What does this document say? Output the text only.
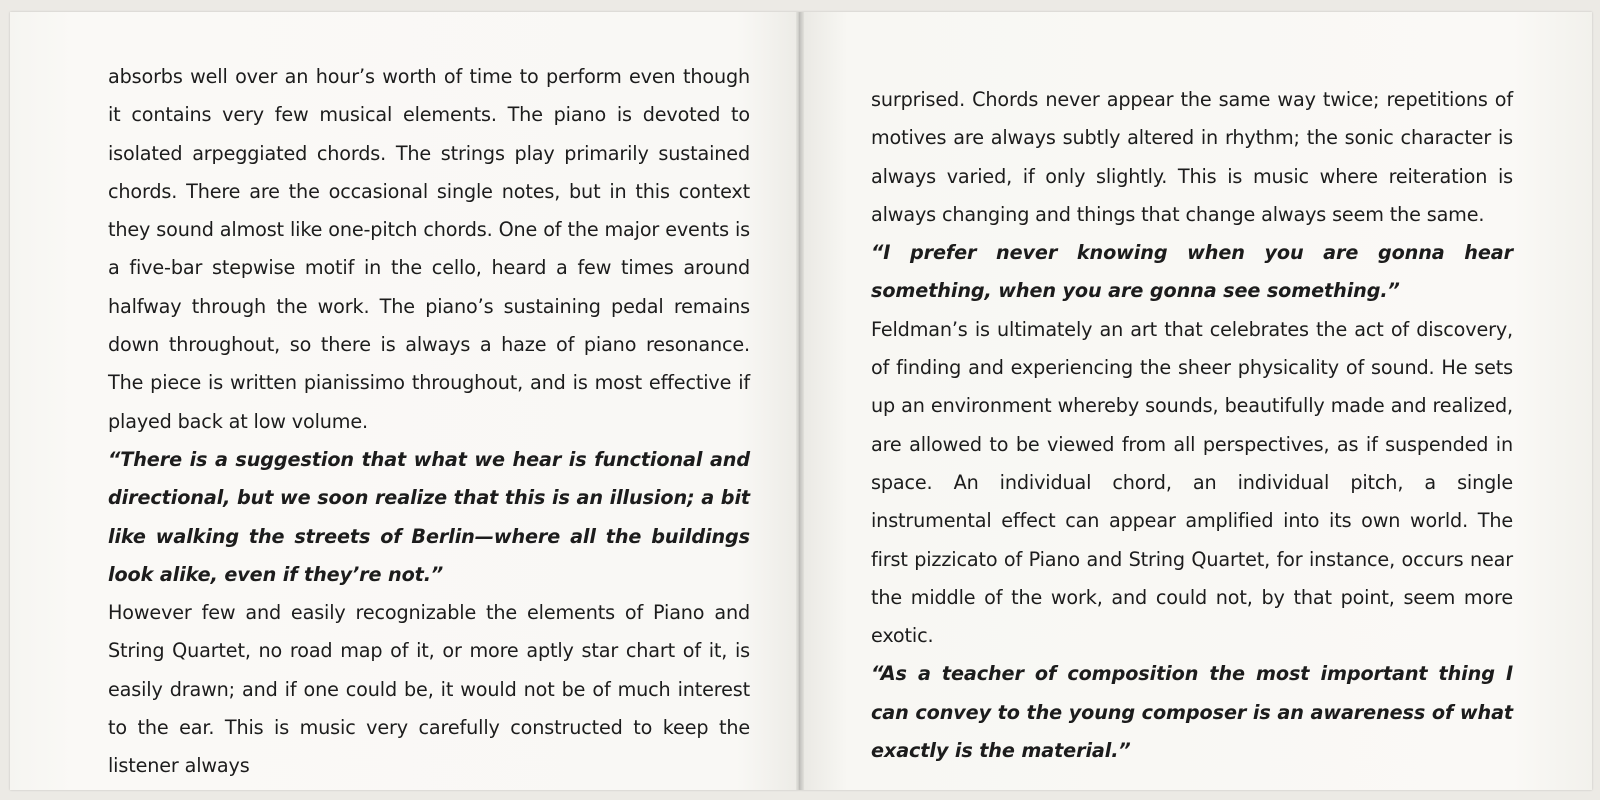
absorbs well over an hour’s worth of time to perform even though it contains very few musical elements. The piano is devoted to isolated arpeggiated chords. The strings play primarily sustained chords. There are the occasional single notes, but in this context they sound almost like one-pitch chords. One of the major events is a five-bar stepwise motif in the cello, heard a few times around halfway through the work. The piano’s sustaining pedal remains down throughout, so there is always a haze of piano resonance. The piece is written pianissimo throughout, and is most effective if played back at low volume.

“There is a suggestion that what we hear is functional and directional, but we soon realize that this is an illusion; a bit like walking the streets of Berlin—where all the buildings look alike, even if they’re not.”

However few and easily recognizable the elements of Piano and String Quartet, no road map of it, or more aptly star chart of it, is easily drawn; and if one could be, it would not be of much interest to the ear. This is music very carefully constructed to keep the listener always

surprised. Chords never appear the same way twice; repetitions of motives are always subtly altered in rhythm; the sonic character is always varied, if only slightly. This is music where reiteration is always changing and things that change always seem the same.

“I prefer never knowing when you are gonna hear something, when you are gonna see something.”

Feldman’s is ultimately an art that celebrates the act of discovery, of finding and experiencing the sheer physicality of sound. He sets up an environment whereby sounds, beautifully made and realized, are allowed to be viewed from all perspectives, as if suspended in space. An individual chord, an individual pitch, a single instrumental effect can appear amplified into its own world. The first pizzicato of Piano and String Quartet, for instance, occurs near the middle of the work, and could not, by that point, seem more exotic.

“As a teacher of composition the most important thing I can convey to the young composer is an awareness of what exactly is the material.”
